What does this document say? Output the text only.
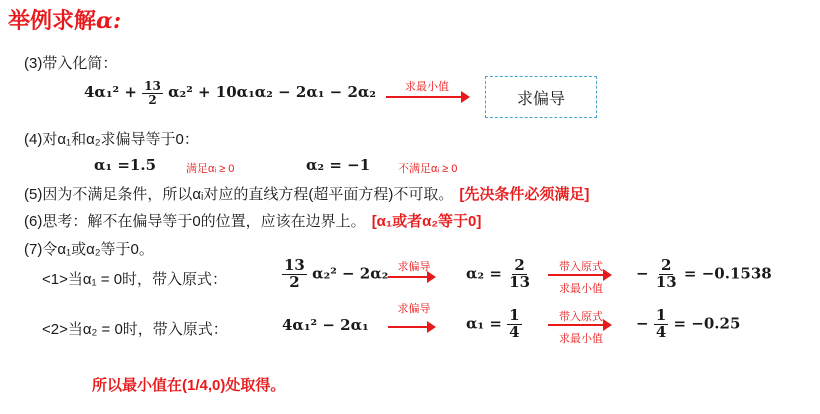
举例求解α:
(3)带入化简：
$4\alpha_1^2 + \frac{13}{2} \alpha_2^2 + 10\alpha_1\alpha_2 - 2\alpha_1 - 2\alpha_2$	求最小值
求偏导
(4)对α₁和α₂求偏导等于0：
α₁ =1.5	满足αᵢ ≥ 0	α₂ = −1	不满足αᵢ ≥ 0
(5)因为不满足条件，所以αᵢ对应的直线方程(超平面方程)不可取。 [先决条件必须满足]
(6)思考：解不在偏导等于0的位置，应该在边界上。 [α₁或者α₂等于0]
(7)令α₁或α₂等于0。
<1>当α₁ = 0时，带入原式：	$\frac{13}{2} \alpha_2^2 - 2\alpha_2$ 求偏导	$\alpha_2 = \frac{2}{13}$	带入原式
求最小值
− $\frac{2}{13} = -0.1538$
<2>当α₂ = 0时，带入原式：	4α₁² − 2α₁
求偏导
$\alpha_1 = \frac{1}{4}$	带入原式
求最小值
− $\frac{1}{4} = -0.25$
所以最小值在(1/4,0)处取得。
